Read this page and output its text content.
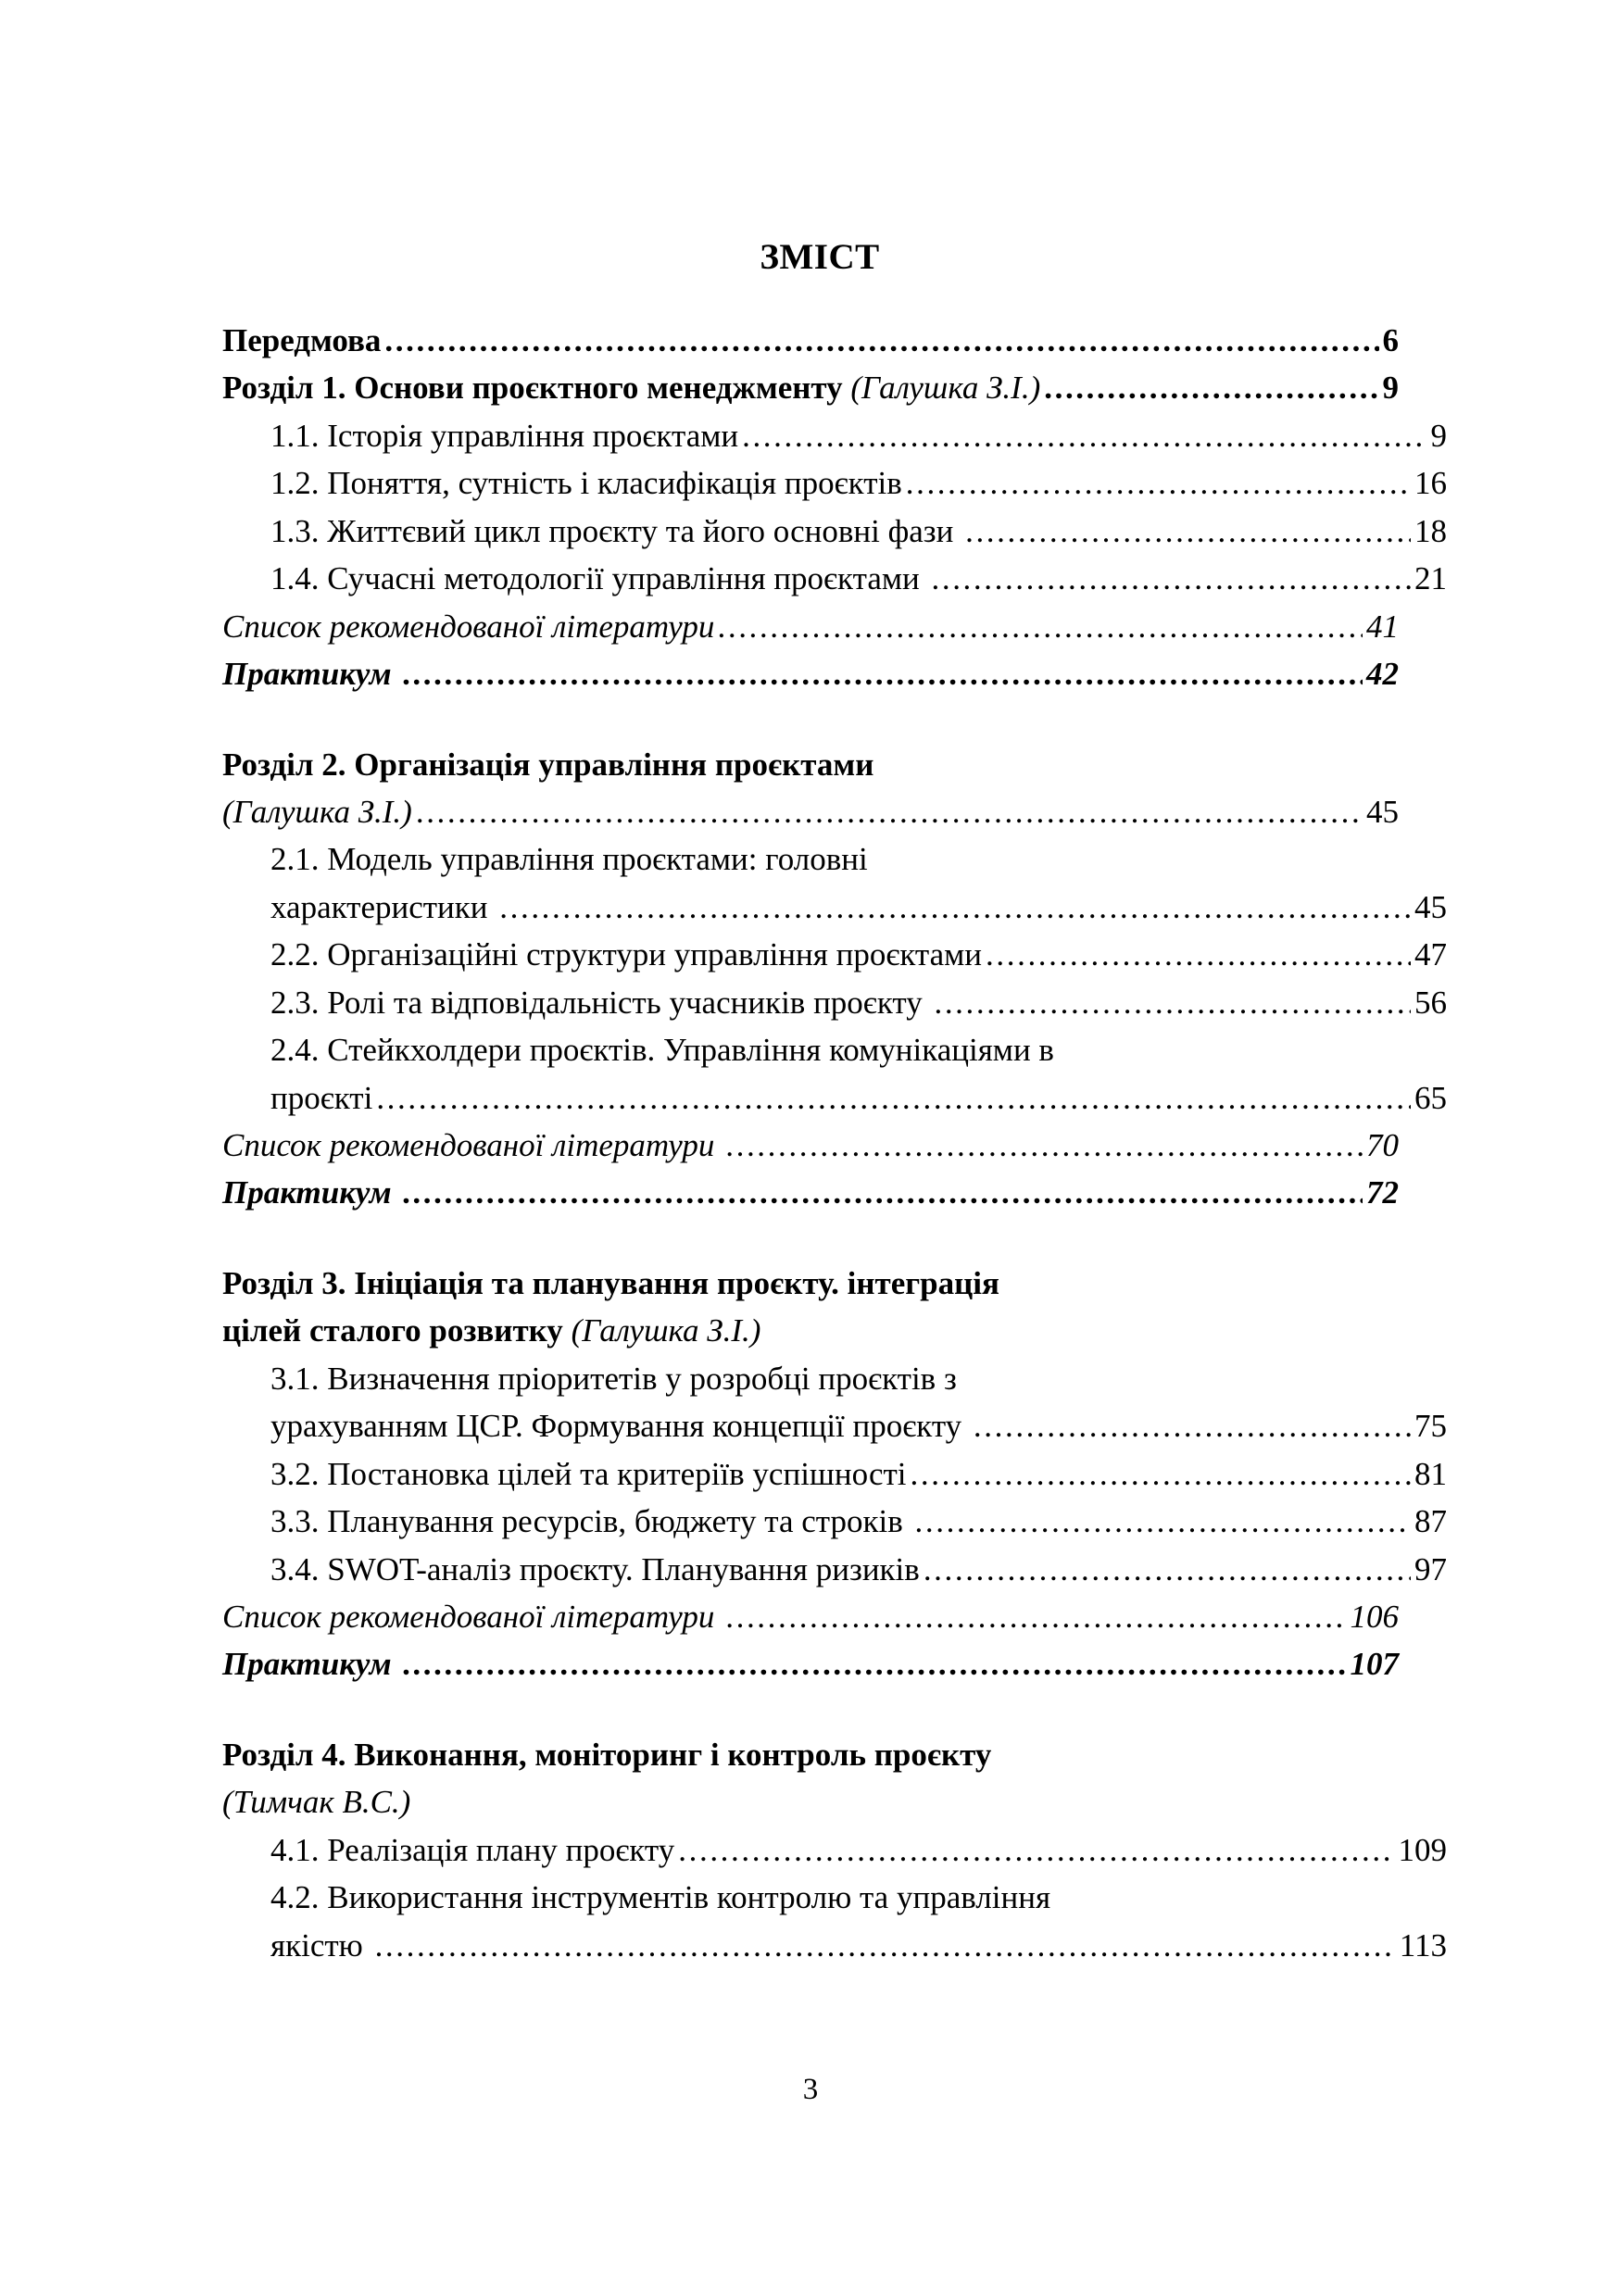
ЗМІСТ
Передмова .....	6
Розділ 1. Основи проєктного менеджменту (Галушка З.І.) .....	9
1.1. Історія управління проєктами .....	9
1.2. Поняття, сутність і класифікація проєктів .....	16
1.3. Життєвий цикл проєкту та його основні фази .....	18
1.4. Сучасні методології управління проєктами .....	21
Список рекомендованої літератури .....	41
Практикум .....	42
Розділ 2. Організація управління проєктами
(Галушка З.І.) .....	45
2.1. Модель управління проєктами: головні
характеристики .....	45
2.2. Організаційні структури управління проєктами .....	47
2.3. Ролі та відповідальність учасників проєкту .....	56
2.4. Стейкхолдери проєктів. Управління комунікаціями в
проєкті .....	65
Список рекомендованої літератури .....	70
Практикум .....	72
Розділ 3. Ініціація та планування проєкту. інтеграція
цілей сталого розвитку (Галушка З.І.)
3.1. Визначення пріоритетів у розробці проєктів з
урахуванням ЦСР. Формування концепції проєкту .....	75
3.2. Постановка цілей та критеріїв успішності .....	81
3.3. Планування ресурсів, бюджету та строків .....	87
3.4. SWOT-аналіз проєкту. Планування ризиків .....	97
Список рекомендованої літератури .....	106
Практикум .....	107
Розділ 4. Виконання, моніторинг і контроль проєкту
(Тимчак В.С.)
4.1. Реалізація плану проєкту .....	109
4.2. Використання інструментів контролю та управління
якістю .....	113
3
